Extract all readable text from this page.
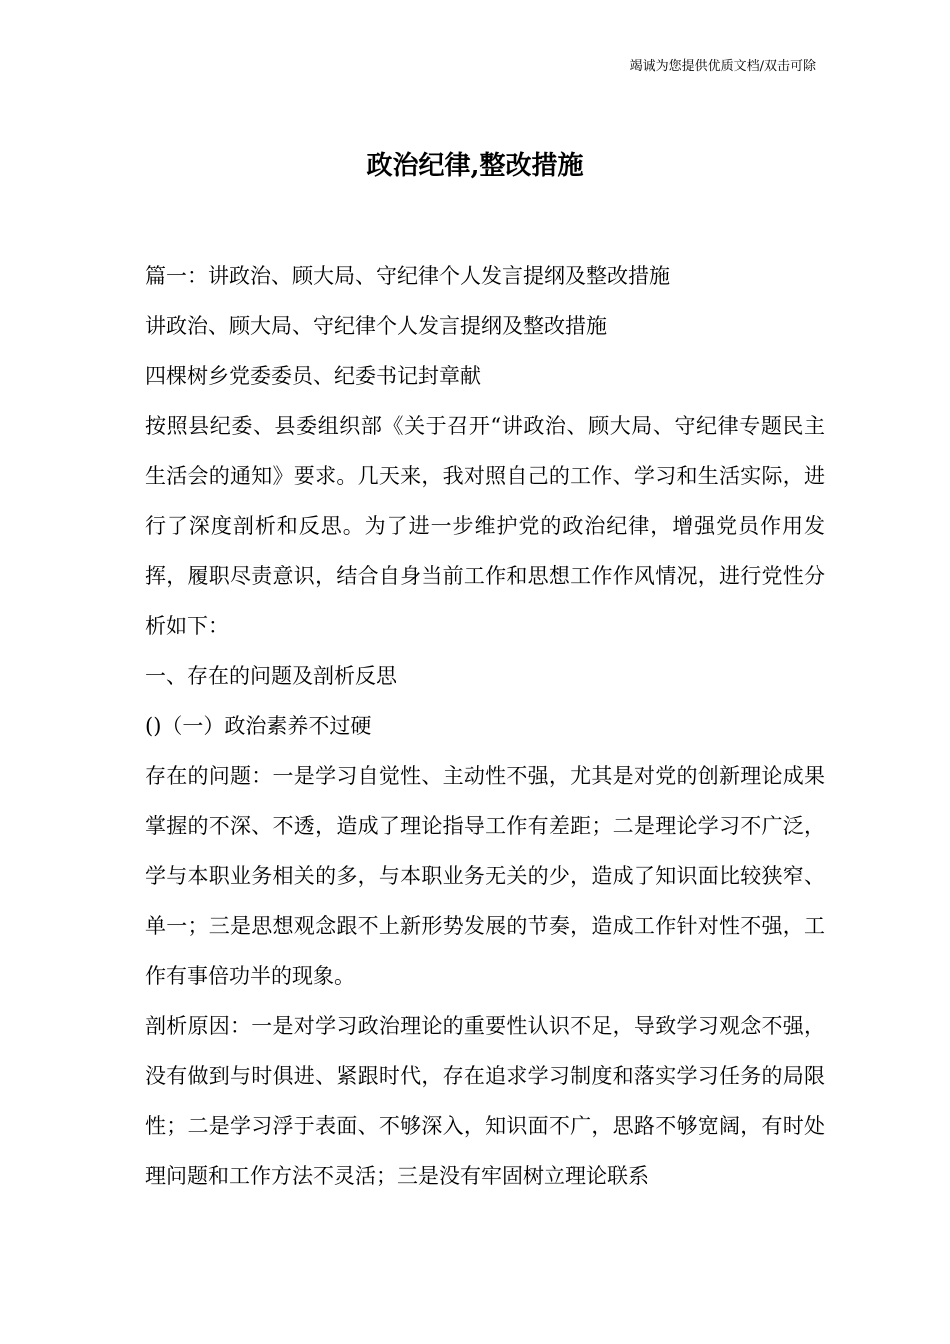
竭诚为您提供优质文档/双击可除
政治纪律,整改措施

篇一：讲政治、顾大局、守纪律个人发言提纲及整改措施

讲政治、顾大局、守纪律个人发言提纲及整改措施

四棵树乡党委委员、纪委书记封章献

按照县纪委、县委组织部《关于召开“讲政治、顾大局、守纪律专题民主生活会的通知》要求。几天来，我对照自己的工作、学习和生活实际，进行了深度剖析和反思。为了进一步维护党的政治纪律，增强党员作用发挥，履职尽责意识，结合自身当前工作和思想工作作风情况，进行党性分析如下：

一、存在的问题及剖析反思

()（一）政治素养不过硬

存在的问题：一是学习自觉性、主动性不强，尤其是对党的创新理论成果掌握的不深、不透，造成了理论指导工作有差距；二是理论学习不广泛，学与本职业务相关的多，与本职业务无关的少，造成了知识面比较狭窄、单一；三是思想观念跟不上新形势发展的节奏，造成工作针对性不强，工作有事倍功半的现象。

剖析原因：一是对学习政治理论的重要性认识不足，导致学习观念不强，没有做到与时俱进、紧跟时代，存在追求学习制度和落实学习任务的局限性；二是学习浮于表面、不够深入，知识面不广，思路不够宽阔，有时处理问题和工作方法不灵活；三是没有牢固树立理论联系
